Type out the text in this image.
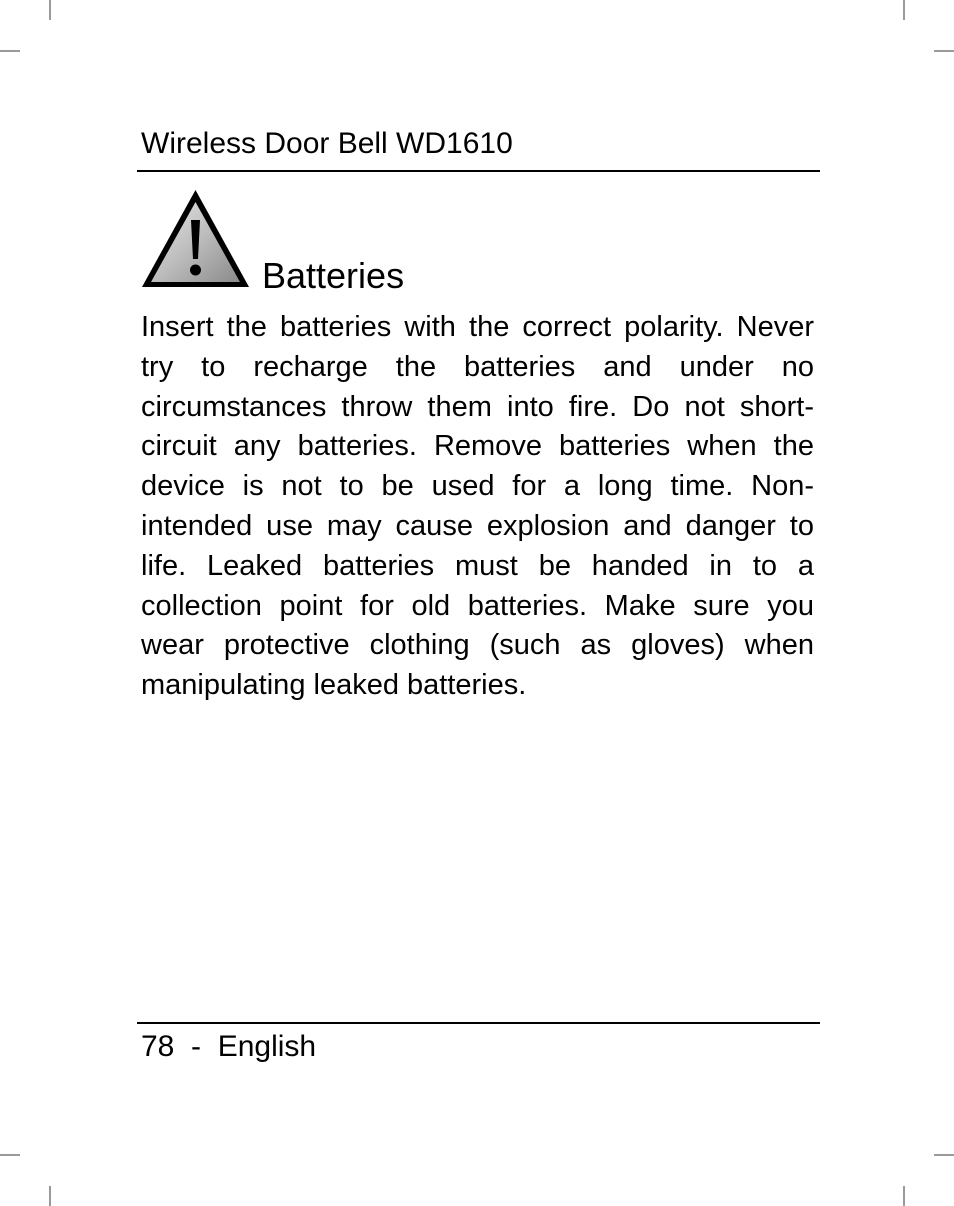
Wireless Door Bell WD1610
Batteries

Insert the batteries with the correct polarity. Never try to recharge the batteries and under no circumstances throw them into fire. Do not short-circuit any batteries. Remove batteries when the device is not to be used for a long time. Non-intended use may cause explosion and danger to life. Leaked batteries must be handed in to a collection point for old batteries. Make sure you wear protective clothing (such as gloves) when manipulating leaked batteries.

78 - English
